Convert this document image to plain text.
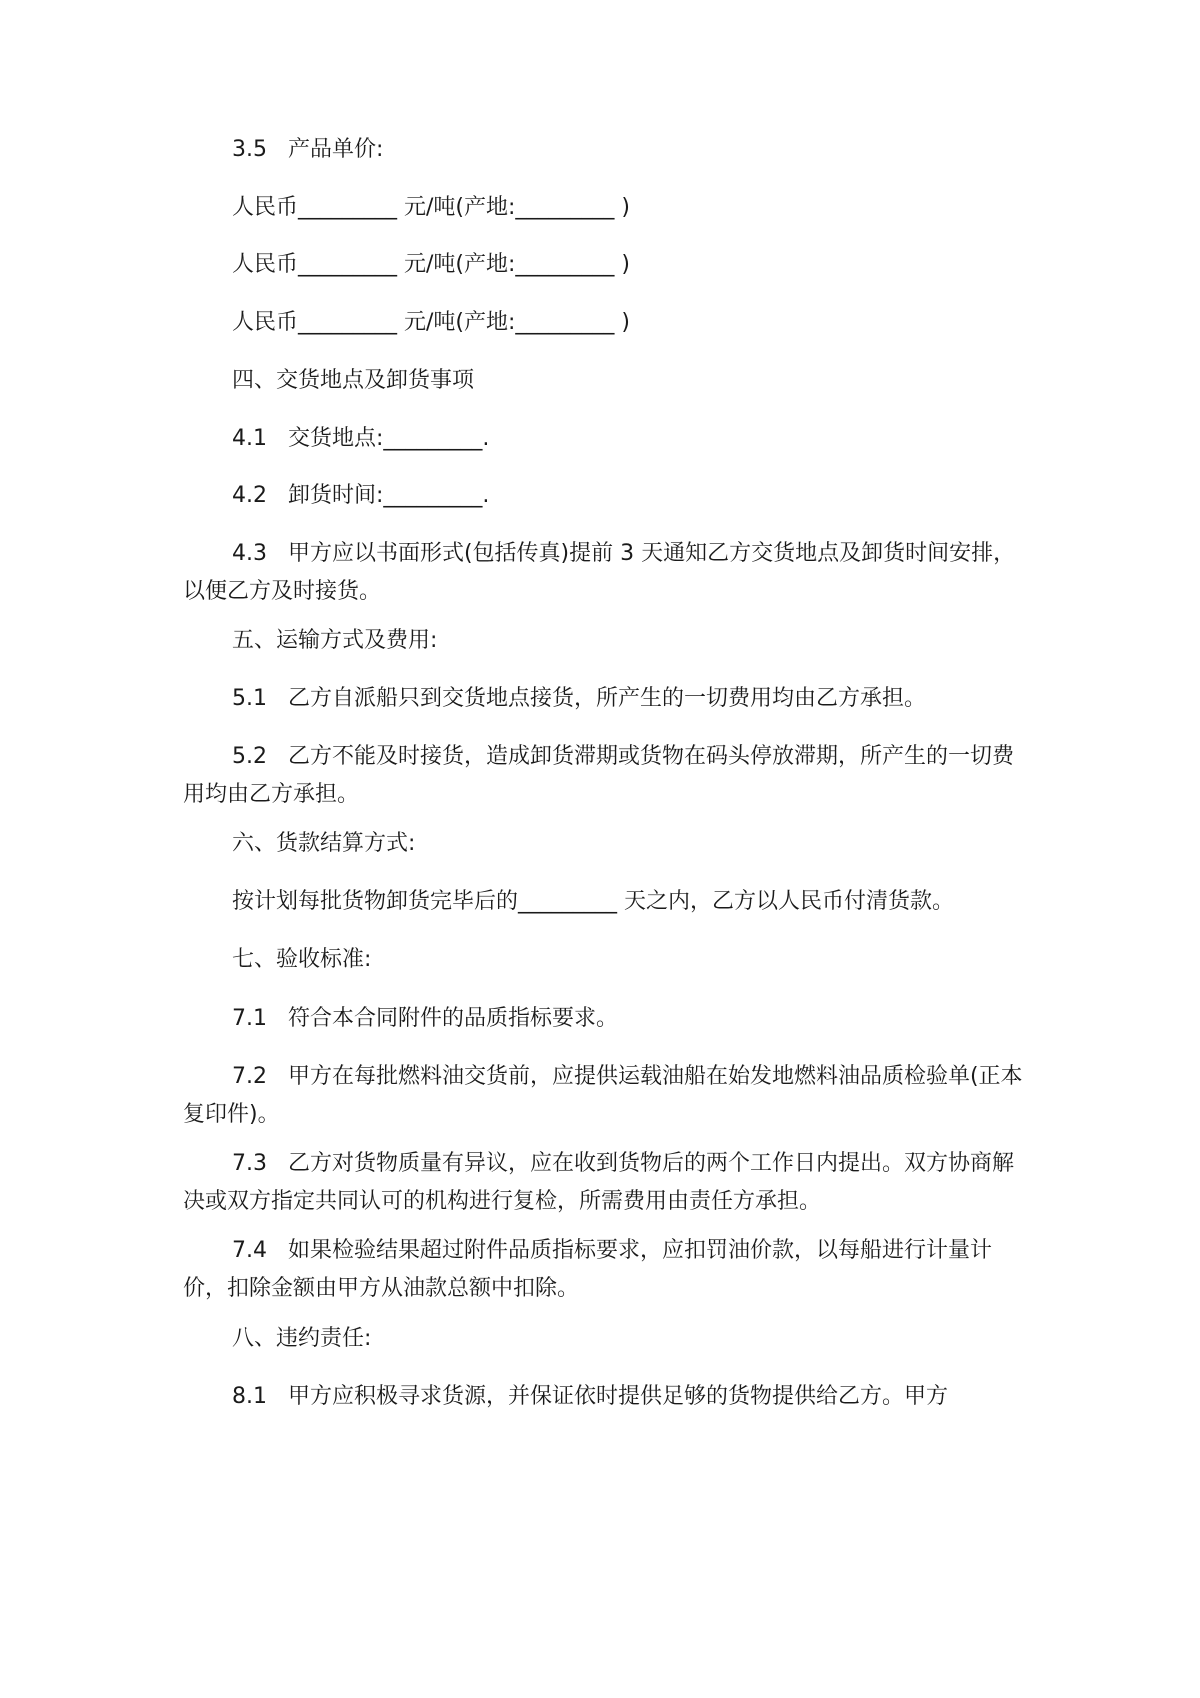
3.5   产品单价:

人民币_________ 元/吨(产地:_________ )

人民币_________ 元/吨(产地:_________ )

人民币_________ 元/吨(产地:_________ )

四、交货地点及卸货事项

4.1   交货地点:_________.

4.2   卸货时间:_________.

4.3   甲方应以书面形式(包括传真)提前 3 天通知乙方交货地点及卸货时间安排，以便乙方及时接货。

五、运输方式及费用:

5.1   乙方自派船只到交货地点接货，所产生的一切费用均由乙方承担。

5.2   乙方不能及时接货，造成卸货滞期或货物在码头停放滞期，所产生的一切费用均由乙方承担。

六、货款结算方式:

按计划每批货物卸货完毕后的_________ 天之内，乙方以人民币付清货款。

七、验收标准:

7.1   符合本合同附件的品质指标要求。

7.2   甲方在每批燃料油交货前，应提供运载油船在始发地燃料油品质检验单(正本复印件)。

7.3   乙方对货物质量有异议，应在收到货物后的两个工作日内提出。双方协商解决或双方指定共同认可的机构进行复检，所需费用由责任方承担。

7.4   如果检验结果超过附件品质指标要求，应扣罚油价款，以每船进行计量计价，扣除金额由甲方从油款总额中扣除。

八、违约责任:

8.1   甲方应积极寻求货源，并保证依时提供足够的货物提供给乙方。甲方
